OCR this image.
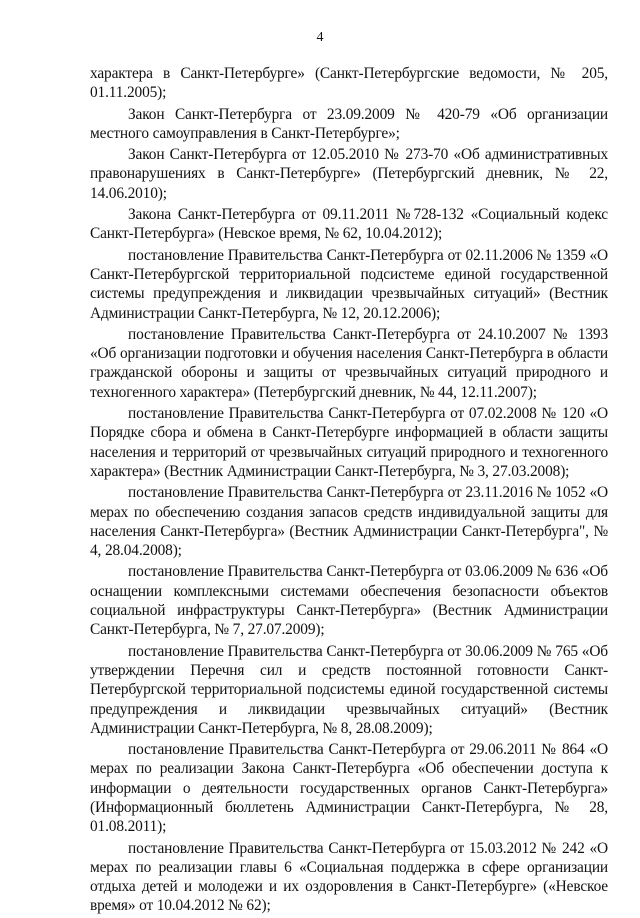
4

характера в Санкт-Петербурге» (Санкт-Петербургские ведомости, № 205, 01.11.2005);

Закон Санкт-Петербурга от 23.09.2009 № 420-79 «Об организации местного самоуправления в Санкт-Петербурге»;

Закон Санкт-Петербурга от 12.05.2010 № 273-70 «Об административных правонарушениях в Санкт-Петербурге» (Петербургский дневник, № 22, 14.06.2010);

Закона Санкт-Петербурга от 09.11.2011 №728-132 «Социальный кодекс Санкт-Петербурга» (Невское время, № 62, 10.04.2012);

постановление Правительства Санкт-Петербурга от 02.11.2006 № 1359 «О Санкт-Петербургской территориальной подсистеме единой государственной системы предупреждения и ликвидации чрезвычайных ситуаций» (Вестник Администрации Санкт-Петербурга, № 12, 20.12.2006);

постановление Правительства Санкт-Петербурга от 24.10.2007 № 1393 «Об организации подготовки и обучения населения Санкт-Петербурга в области гражданской обороны и защиты от чрезвычайных ситуаций природного и техногенного характера» (Петербургский дневник, № 44, 12.11.2007);

постановление Правительства Санкт-Петербурга от 07.02.2008 № 120 «О Порядке сбора и обмена в Санкт-Петербурге информацией в области защиты населения и территорий от чрезвычайных ситуаций природного и техногенного характера» (Вестник Администрации Санкт-Петербурга, № 3, 27.03.2008);

постановление Правительства Санкт-Петербурга от 23.11.2016 № 1052 «О мерах по обеспечению создания запасов средств индивидуальной защиты для населения Санкт-Петербурга» (Вестник Администрации Санкт-Петербурга", № 4, 28.04.2008);

постановление Правительства Санкт-Петербурга от 03.06.2009 № 636 «Об оснащении комплексными системами обеспечения безопасности объектов социальной инфраструктуры Санкт-Петербурга» (Вестник Администрации Санкт-Петербурга, № 7, 27.07.2009);

постановление Правительства Санкт-Петербурга от 30.06.2009 № 765 «Об утверждении Перечня сил и средств постоянной готовности Санкт-Петербургской территориальной подсистемы единой государственной системы предупреждения и ликвидации чрезвычайных ситуаций» (Вестник Администрации Санкт-Петербурга, № 8, 28.08.2009);

постановление Правительства Санкт-Петербурга от 29.06.2011 № 864 «О мерах по реализации Закона Санкт-Петербурга «Об обеспечении доступа к информации о деятельности государственных органов Санкт-Петербурга» (Информационный бюллетень Администрации Санкт-Петербурга, № 28, 01.08.2011);

постановление Правительства Санкт-Петербурга от 15.03.2012 № 242 «О мерах по реализации главы 6 «Социальная поддержка в сфере организации отдыха детей и молодежи и их оздоровления в Санкт-Петербурге» («Невское время» от 10.04.2012 № 62);
